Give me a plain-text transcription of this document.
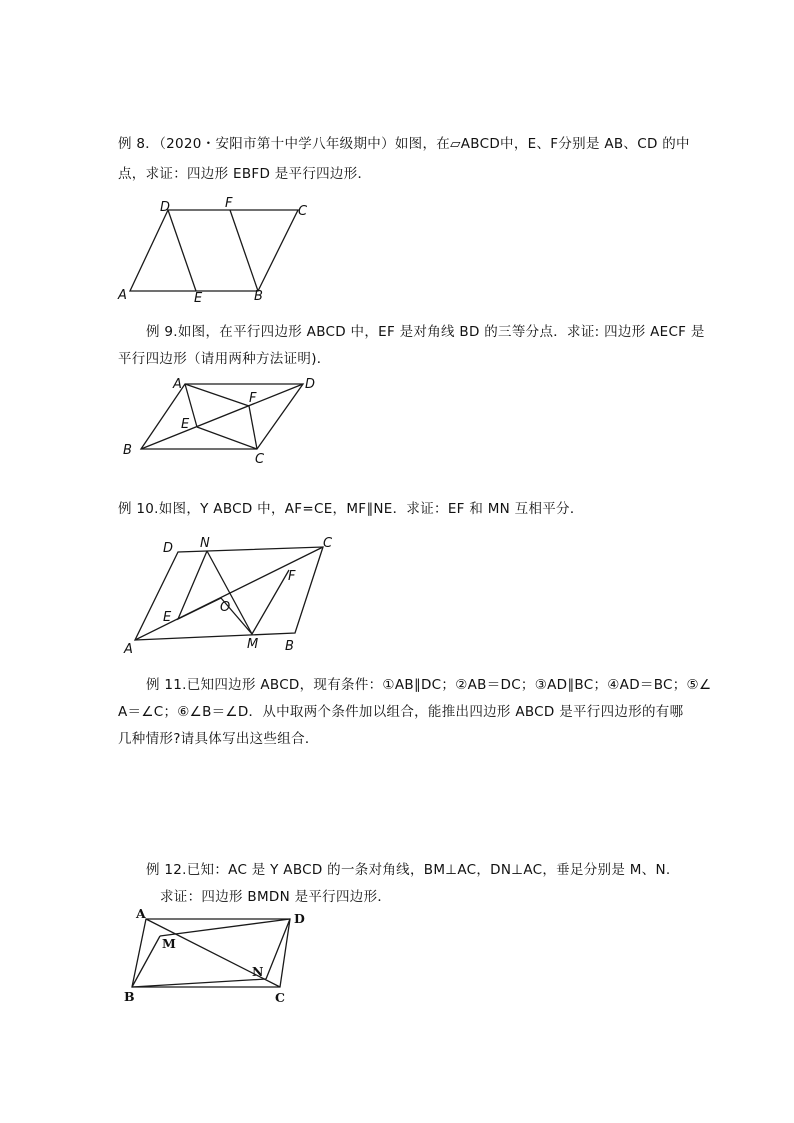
例 8．（2020・安阳市第十中学八年级期中）如图，在▱ABCD中，E、F分别是 AB、CD 的中
点，求证：四边形 EBFD 是平行四边形．
A	E	B
C
F
D
例 9.如图，在平行四边形 ABCD 中，EF 是对角线 BD 的三等分点．求证: 四边形 AECF 是
平行四边形（请用两种方法证明)．
A	D
F
E
B
C
例 10.如图，Y ABCD 中，AF=CE，MF∥NE．求证：EF 和 MN 互相平分．
D N	C
F
O
E
M
A	B
例 11.已知四边形 ABCD，现有条件：①AB∥DC；②AB＝DC；③AD∥BC；④AD＝BC；⑤∠
A＝∠C；⑥∠B＝∠D．从中取两个条件加以组合，能推出四边形 ABCD 是平行四边形的有哪
几种情形?请具体写出这些组合．
例 12.已知：AC 是 Y ABCD 的一条对角线，BM⊥AC，DN⊥AC，垂足分别是 M、N.
求证：四边形 BMDN 是平行四边形．
A	D
M
N
B	C
